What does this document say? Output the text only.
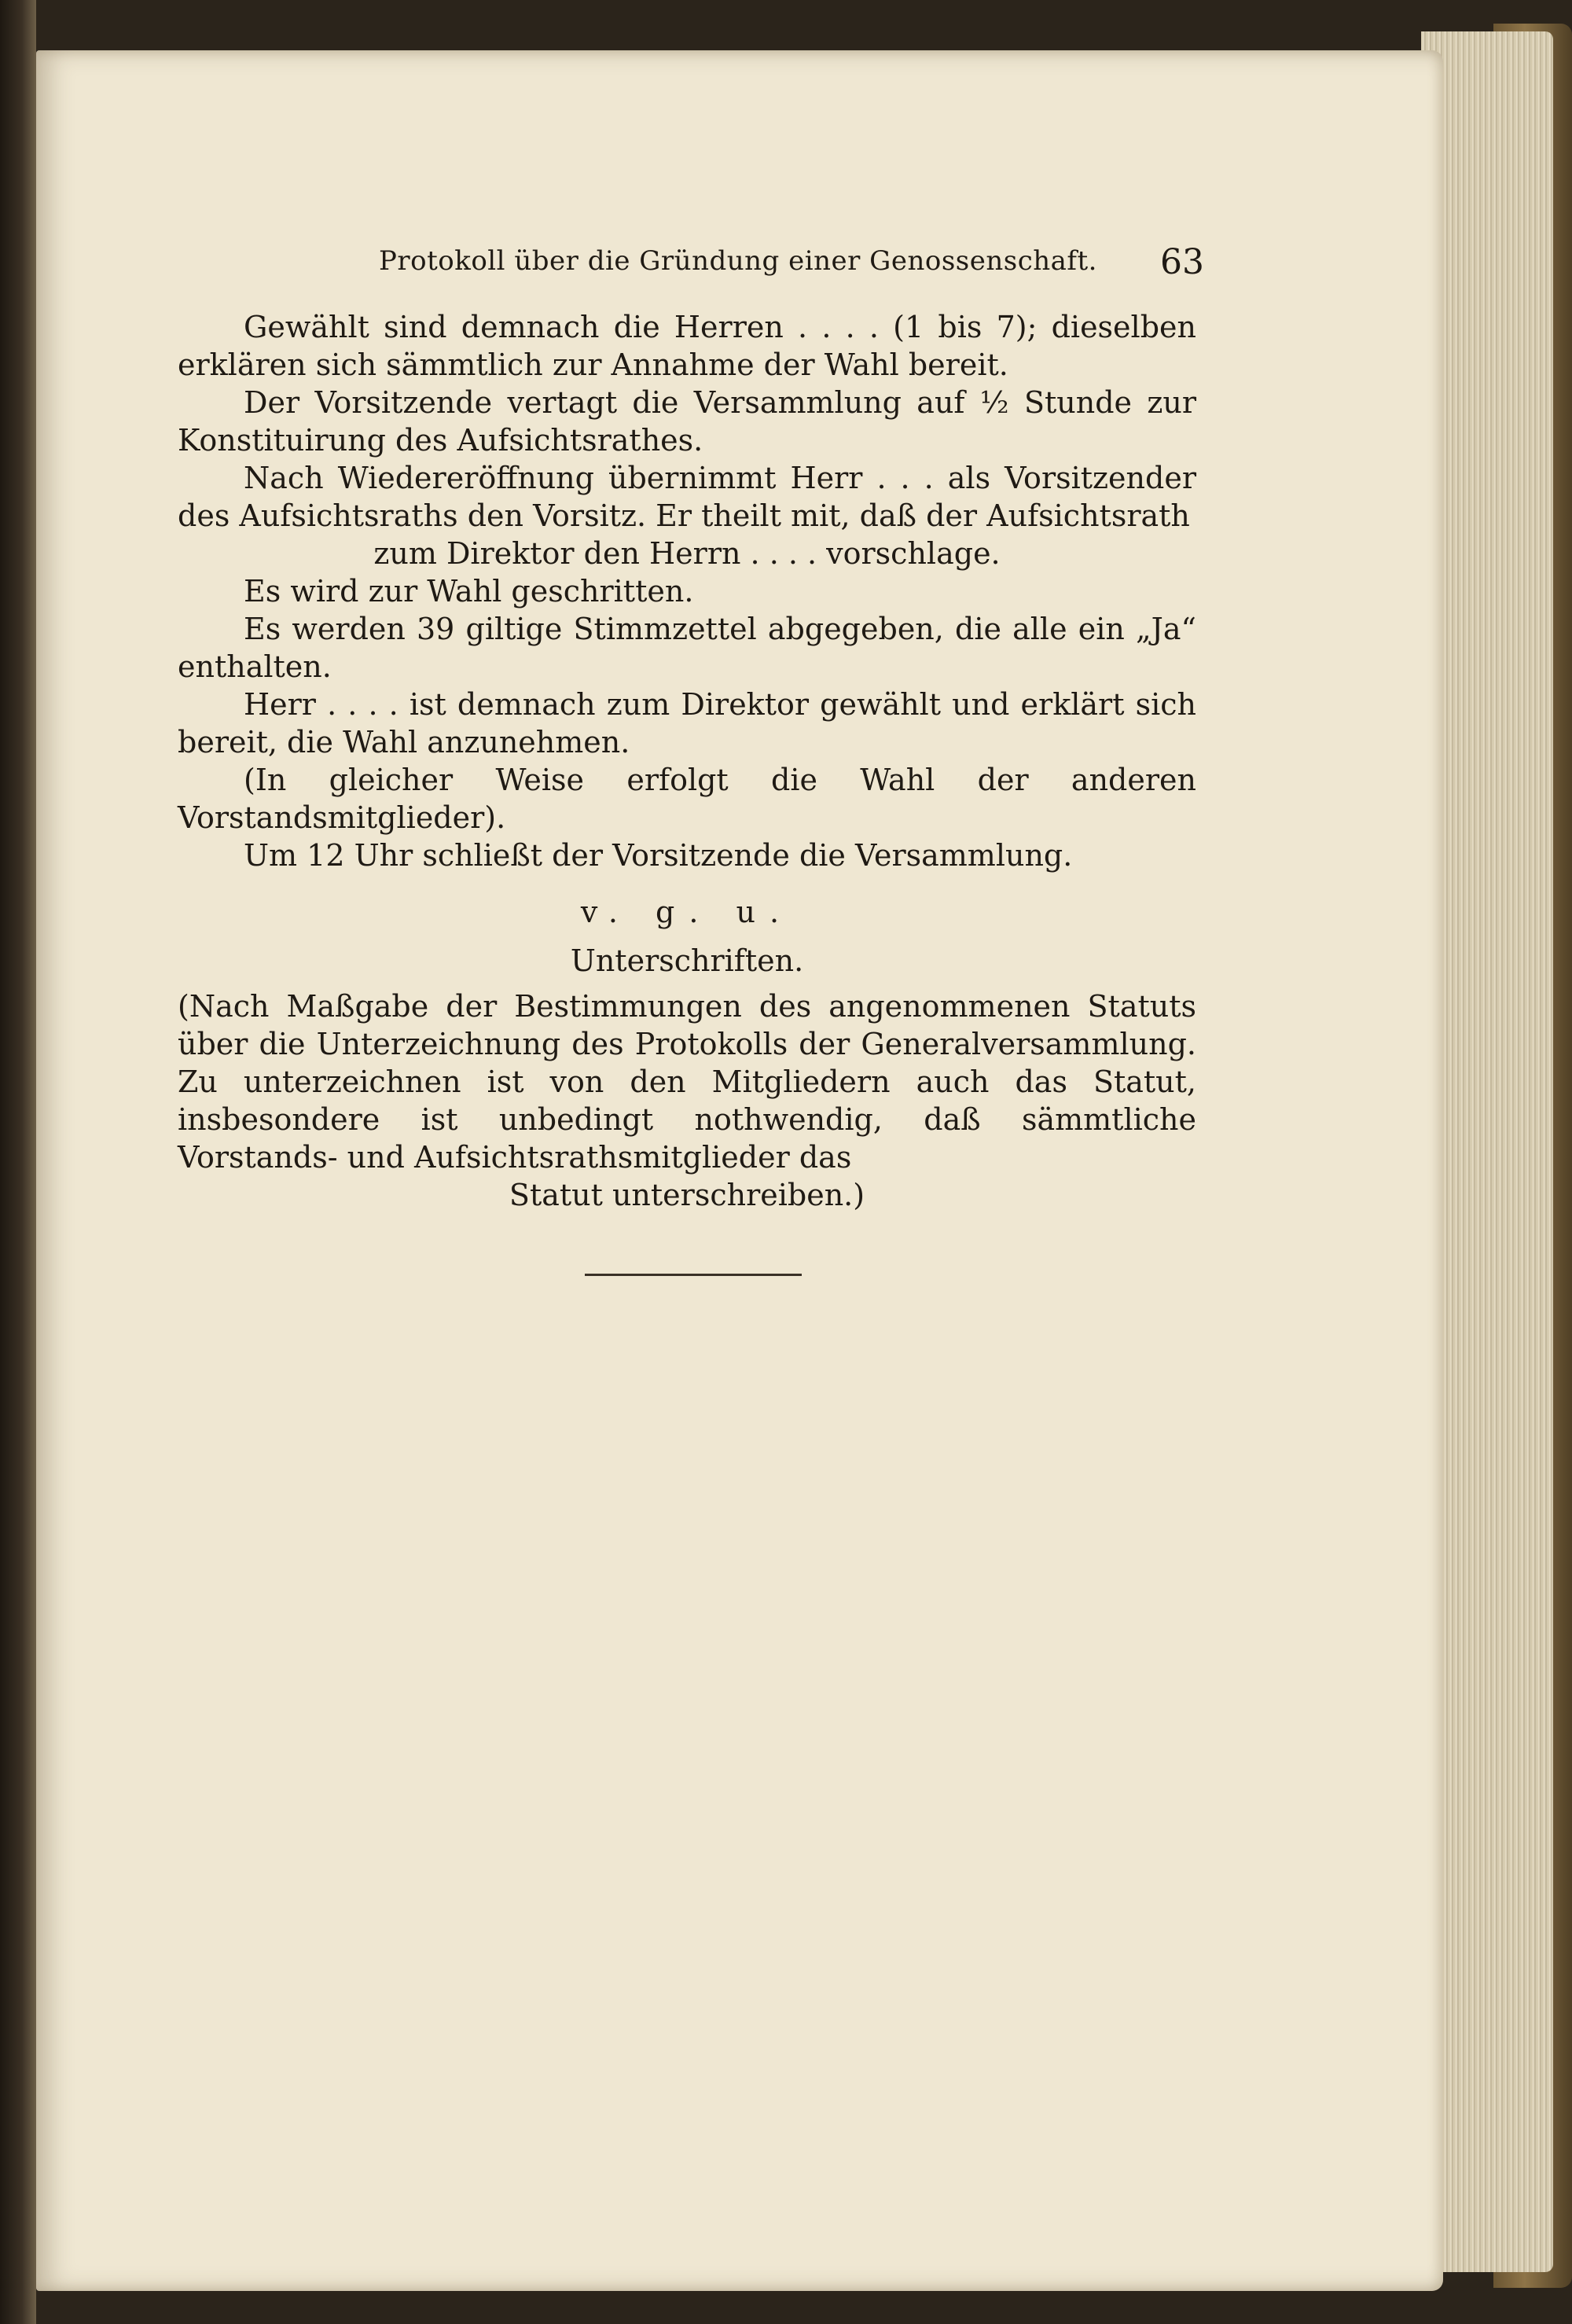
Protokoll über die Gründung einer Genossenschaft.	63

Gewählt sind demnach die Herren . . . . (1 bis 7); dieselben erklären sich sämmtlich zur Annahme der Wahl bereit.

Der Vorsitzende vertagt die Versammlung auf ½ Stunde zur Konstituirung des Aufsichtsrathes.

Nach Wiedereröffnung übernimmt Herr . . . als Vorsitzender des Aufsichtsraths den Vorsitz. Er theilt mit, daß der Aufsichtsrath

zum Direktor den Herrn . . . . vorschlage.

Es wird zur Wahl geschritten.

Es werden 39 giltige Stimmzettel abgegeben, die alle ein „Ja“ enthalten.

Herr . . . . ist demnach zum Direktor gewählt und erklärt sich bereit, die Wahl anzunehmen.

(In gleicher Weise erfolgt die Wahl der anderen Vorstandsmitglieder).

Um 12 Uhr schließt der Vorsitzende die Versammlung.

v. g. u.

Unterschriften.

(Nach Maßgabe der Bestimmungen des angenommenen Statuts über die Unterzeichnung des Protokolls der Generalversammlung. Zu unterzeichnen ist von den Mitgliedern auch das Statut, insbesondere ist unbedingt nothwendig, daß sämmtliche Vorstands- und Aufsichtsrathsmitglieder das

Statut unterschreiben.)
